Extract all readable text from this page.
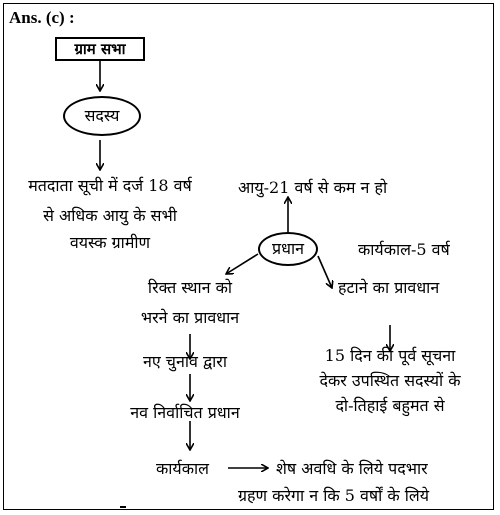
Ans. (c) :
ग्राम सभा
सदस्य
मतदाता सूची में दर्ज 18 वर्ष
से अधिक आयु के सभी
वयस्क ग्रामीण
आयु-21 वर्ष से कम न हो
प्रधान	कार्यकाल-5 वर्ष
रिक्त स्थान को
भरने का प्रावधान
हटाने का प्रावधान
नए चुनाव द्वारा
नव निर्वाचित प्रधान
कार्यकाल	शेष अवधि के लिये पदभार
ग्रहण करेगा न कि 5 वर्षों के लिये
15 दिन की पूर्व सूचना
देकर उपस्थित सदस्यों के
दो-तिहाई बहुमत से
